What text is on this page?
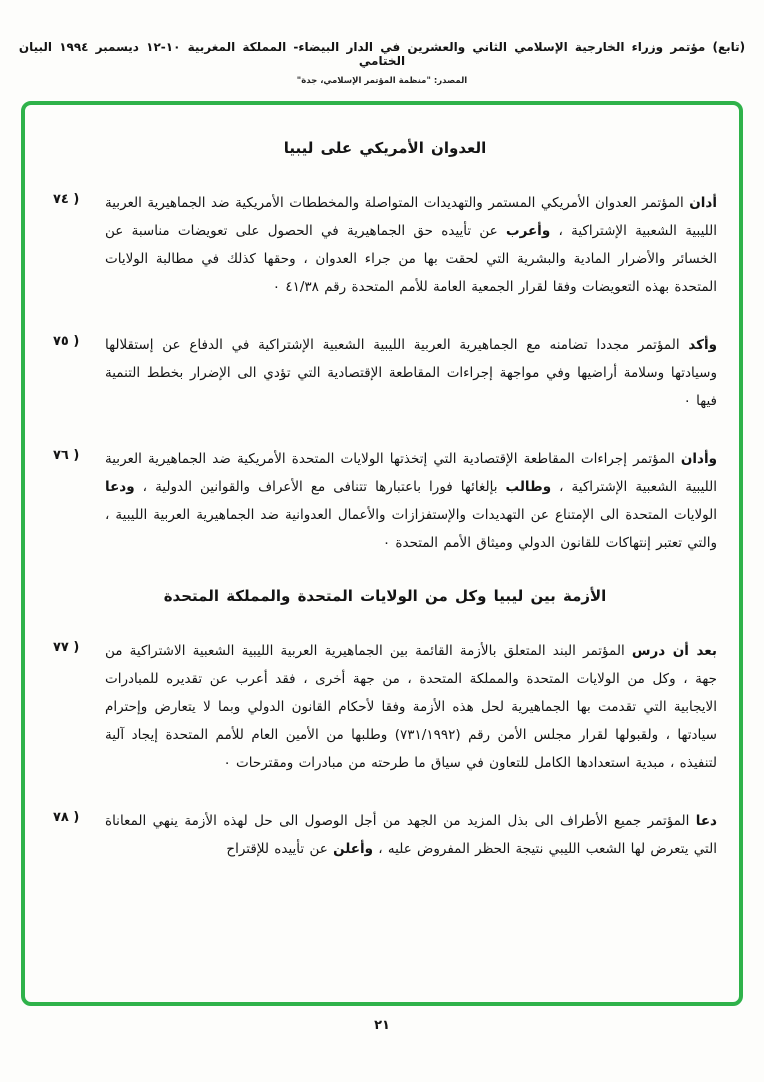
(تابع) مؤتمر وزراء الخارجية الإسلامي الثاني والعشرين في الدار البيضاء- المملكة المغربية ١٠-١٢ ديسمبر ١٩٩٤ البيان الختامي
المصدر: "منظمة المؤتمر الإسلامي، جدة"
العدوان الأمريكي على ليبيا
٧٤ )	أدان المؤتمر العدوان الأمريكي المستمر والتهديدات المتواصلة والمخططات الأمريكية ضد الجماهيرية العربية الليبية الشعبية الإشتراكية ، وأعرب عن تأييده حق الجماهيرية في الحصول على تعويضات مناسبة عن الخسائر والأضرار المادية والبشرية التي لحقت بها من جراء العدوان ، وحقها كذلك في مطالبة الولايات المتحدة بهذه التعويضات وفقا لقرار الجمعية العامة للأمم المتحدة رقم ٤١/٣٨ ٠
٧٥ )	وأكد المؤتمر مجددا تضامنه مع الجماهيرية العربية الليبية الشعبية الإشتراكية في الدفاع عن إستقلالها وسيادتها وسلامة أراضيها وفي مواجهة إجراءات المقاطعة الإقتصادية التي تؤدي الى الإضرار بخطط التنمية فيها ٠
٧٦ )	وأدان المؤتمر إجراءات المقاطعة الإقتصادية التي إتخذتها الولايات المتحدة الأمريكية ضد الجماهيرية العربية الليبية الشعبية الإشتراكية ، وطالب بإلغائها فورا باعتبارها تتنافى مع الأعراف والقوانين الدولية ، ودعا الولايات المتحدة الى الإمتناع عن التهديدات والإستفزازات والأعمال العدوانية ضد الجماهيرية العربية الليبية ، والتي تعتبر إنتهاكات للقانون الدولي وميثاق الأمم المتحدة ٠
الأزمة بين ليبيا وكل من الولايات المتحدة والمملكة المتحدة
٧٧ )	بعد أن درس المؤتمر البند المتعلق بالأزمة القائمة بين الجماهيرية العربية الليبية الشعبية الاشتراكية من جهة ، وكل من الولايات المتحدة والمملكة المتحدة ، من جهة أخرى ، فقد أعرب عن تقديره للمبادرات الايجابية التي تقدمت بها الجماهيرية لحل هذه الأزمة وفقا لأحكام القانون الدولي وبما لا يتعارض وإحترام سيادتها ، ولقبولها لقرار مجلس الأمن رقم (٧٣١/١٩٩٢) وطلبها من الأمين العام للأمم المتحدة إيجاد آلية لتنفيذه ، مبدية استعدادها الكامل للتعاون في سياق ما طرحته من مبادرات ومقترحات ٠
٧٨ )	دعا المؤتمر جميع الأطراف الى بذل المزيد من الجهد من أجل الوصول الى حل لهذه الأزمة ينهي المعاناة التي يتعرض لها الشعب الليبي نتيجة الحظر المفروض عليه ، وأعلن عن تأييده للإقتراح
٢١
